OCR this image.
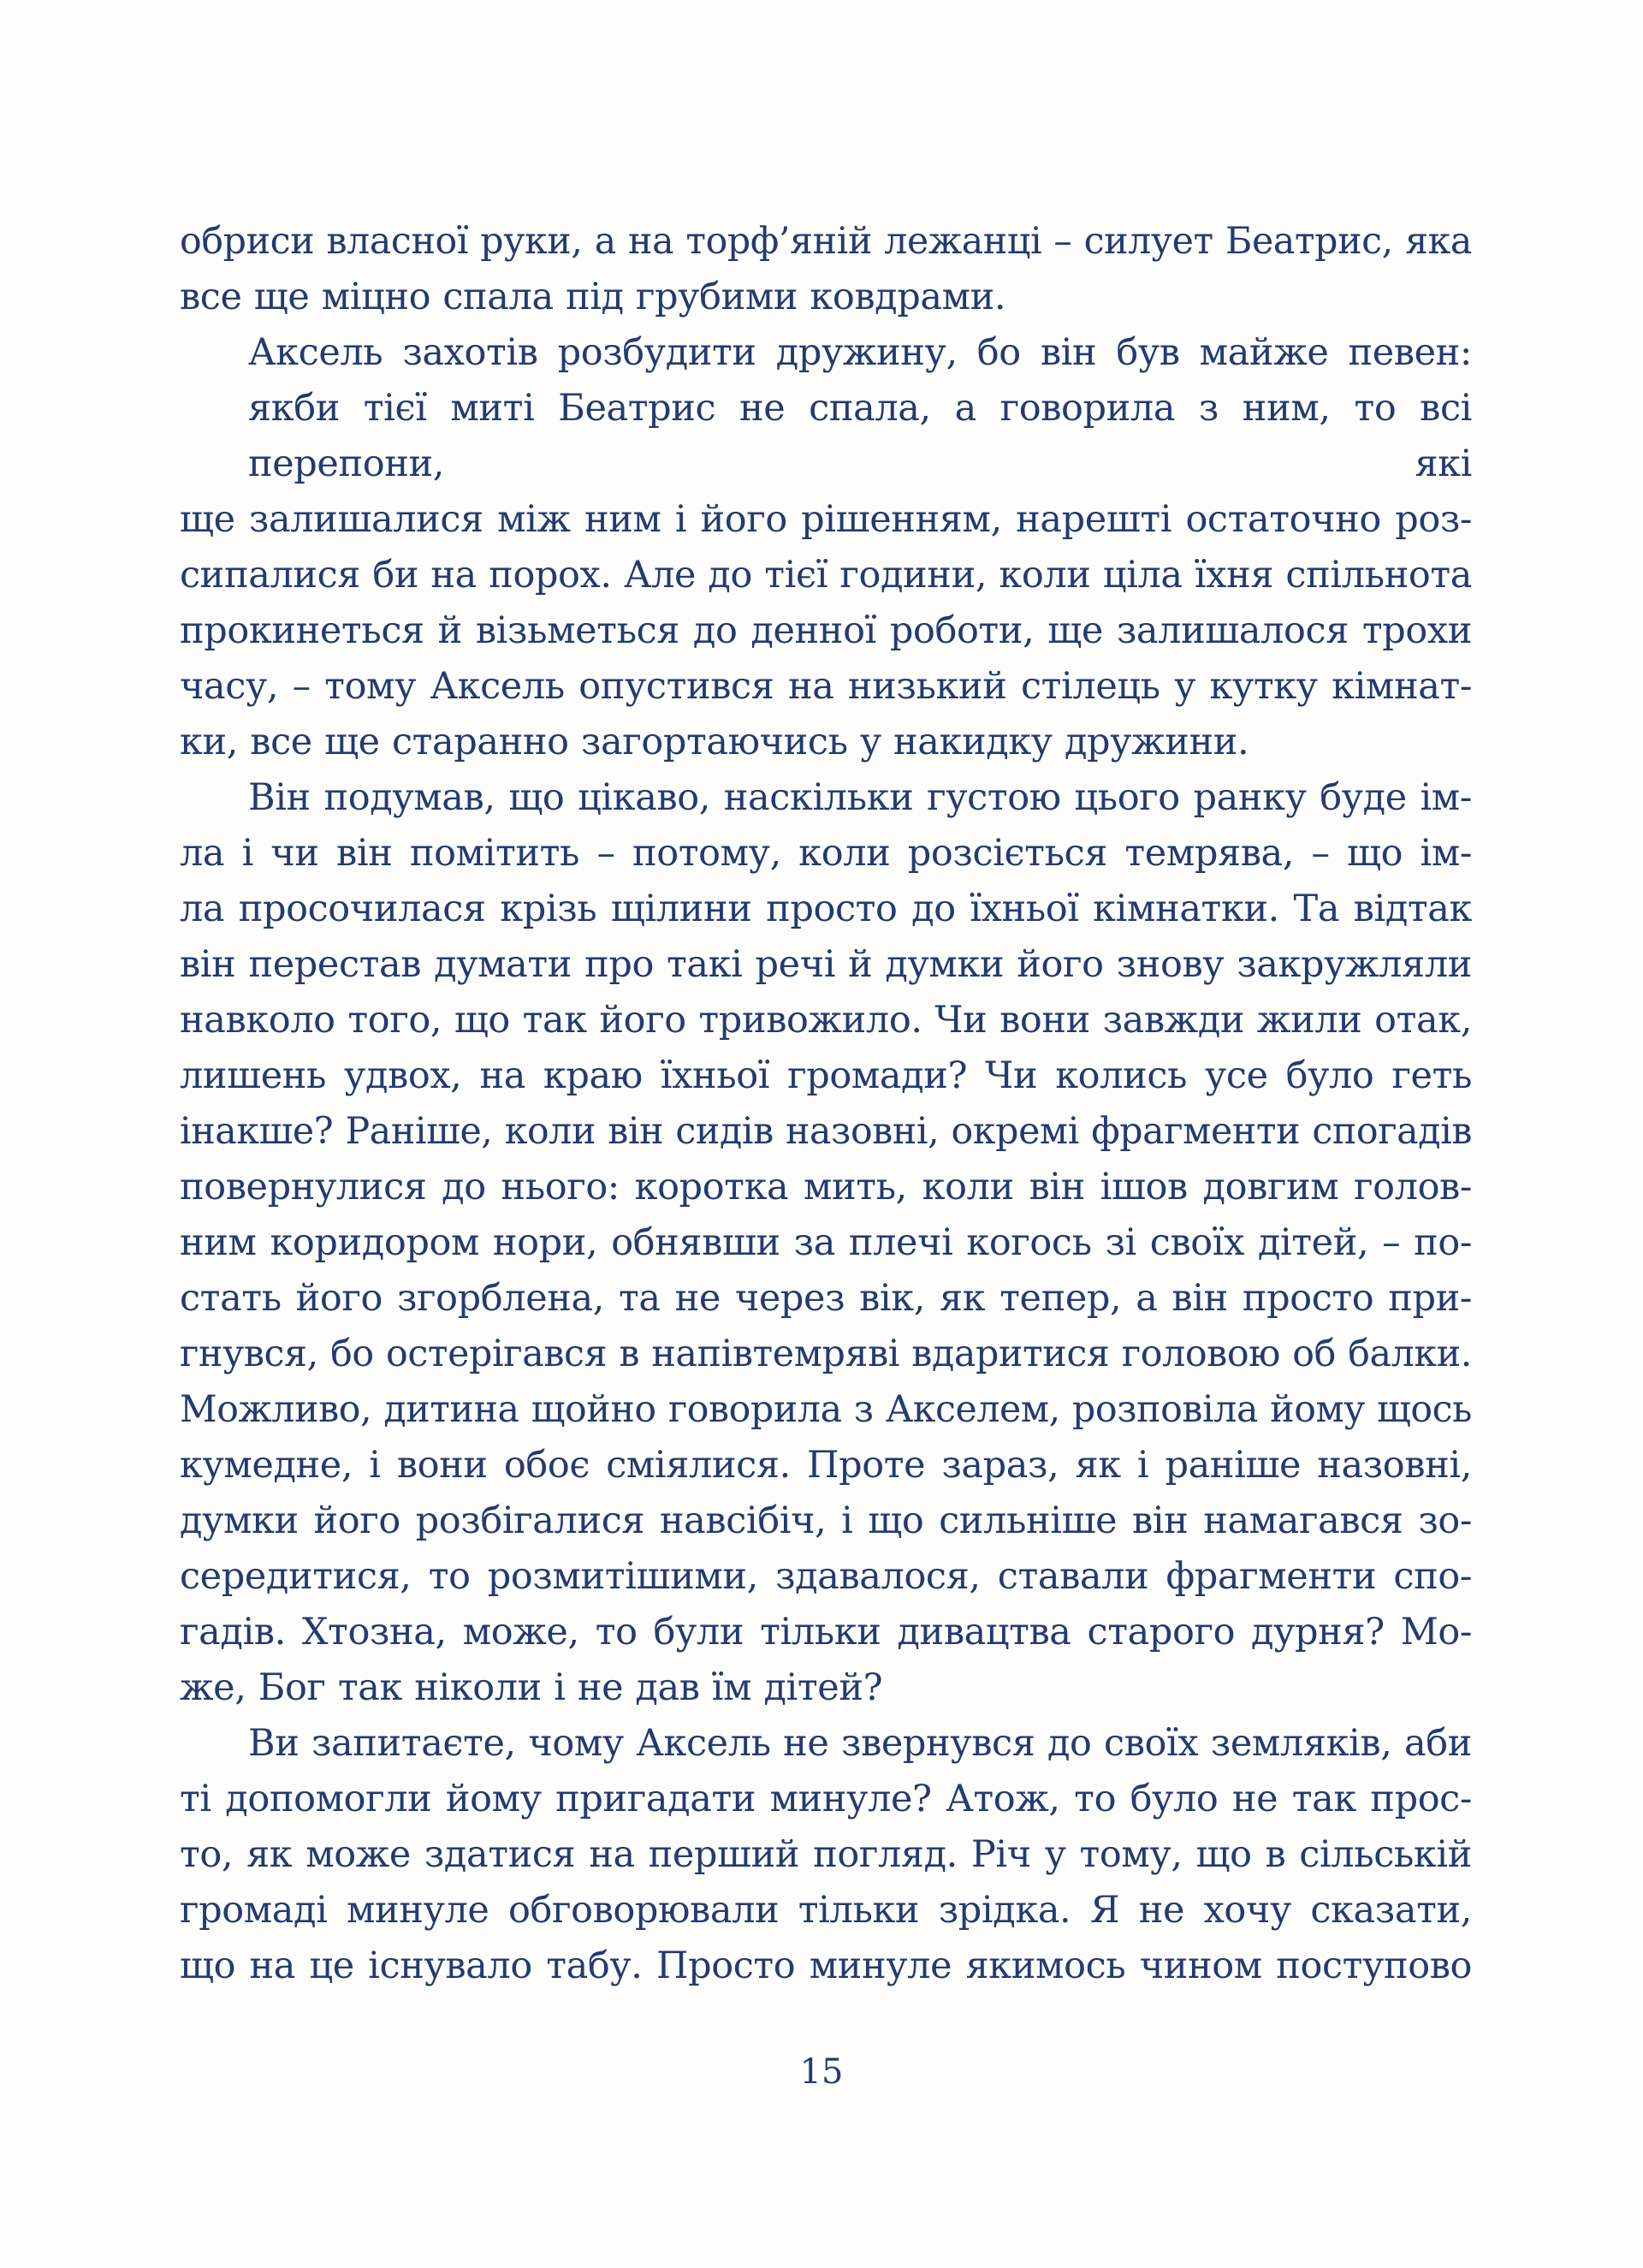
обриси власної руки, а на торф’яній лежанці – силует Беатрис, яка
все ще міцно спала під грубими ковдрами.
Аксель захотів розбудити дружину, бо він був майже певен: якби тієї миті Беатрис не спала, а говорила з ним, то всі перепони, які
ще залишалися між ним і його рішенням, нарешті остаточно роз-
сипалися би на порох. Але до тієї години, коли ціла їхня спільнота
прокинеться й візьметься до денної роботи, ще залишалося трохи
часу, – тому Аксель опустився на низький стілець у кутку кімнат-
ки, все ще старанно загортаючись у накидку дружини.
Він подумав, що цікаво, наскільки густою цього ранку буде ім-
ла і чи він помітить – потому, коли розсіється темрява, – що ім-
ла просочилася крізь щілини просто до їхньої кімнатки. Та відтак
він перестав думати про такі речі й думки його знову закружляли
навколо того, що так його тривожило. Чи вони завжди жили отак,
лишень удвох, на краю їхньої громади? Чи колись усе було геть
інакше? Раніше, коли він сидів назовні, окремі фрагменти спогадів
повернулися до нього: коротка мить, коли він ішов довгим голов-
ним коридором нори, обнявши за плечі когось зі своїх дітей, – по-
стать його згорблена, та не через вік, як тепер, а він просто при-
гнувся, бо остерігався в напівтемряві вдаритися головою об балки.
Можливо, дитина щойно говорила з Акселем, розповіла йому щось
кумедне, і вони обоє сміялися. Проте зараз, як і раніше назовні,
думки його розбігалися навсібіч, і що сильніше він намагався зо-
середитися, то розмитішими, здавалося, ставали фрагменти спо-
гадів. Хтозна, може, то були тільки дивацтва старого дурня? Мо-
же, Бог так ніколи і не дав їм дітей?
Ви запитаєте, чому Аксель не звернувся до своїх земляків, аби
ті допомогли йому пригадати минуле? Атож, то було не так прос-
то, як може здатися на перший погляд. Річ у тому, що в сільській
громаді минуле обговорювали тільки зрідка. Я не хочу сказати,
що на це існувало табу. Просто минуле якимось чином поступово
15
